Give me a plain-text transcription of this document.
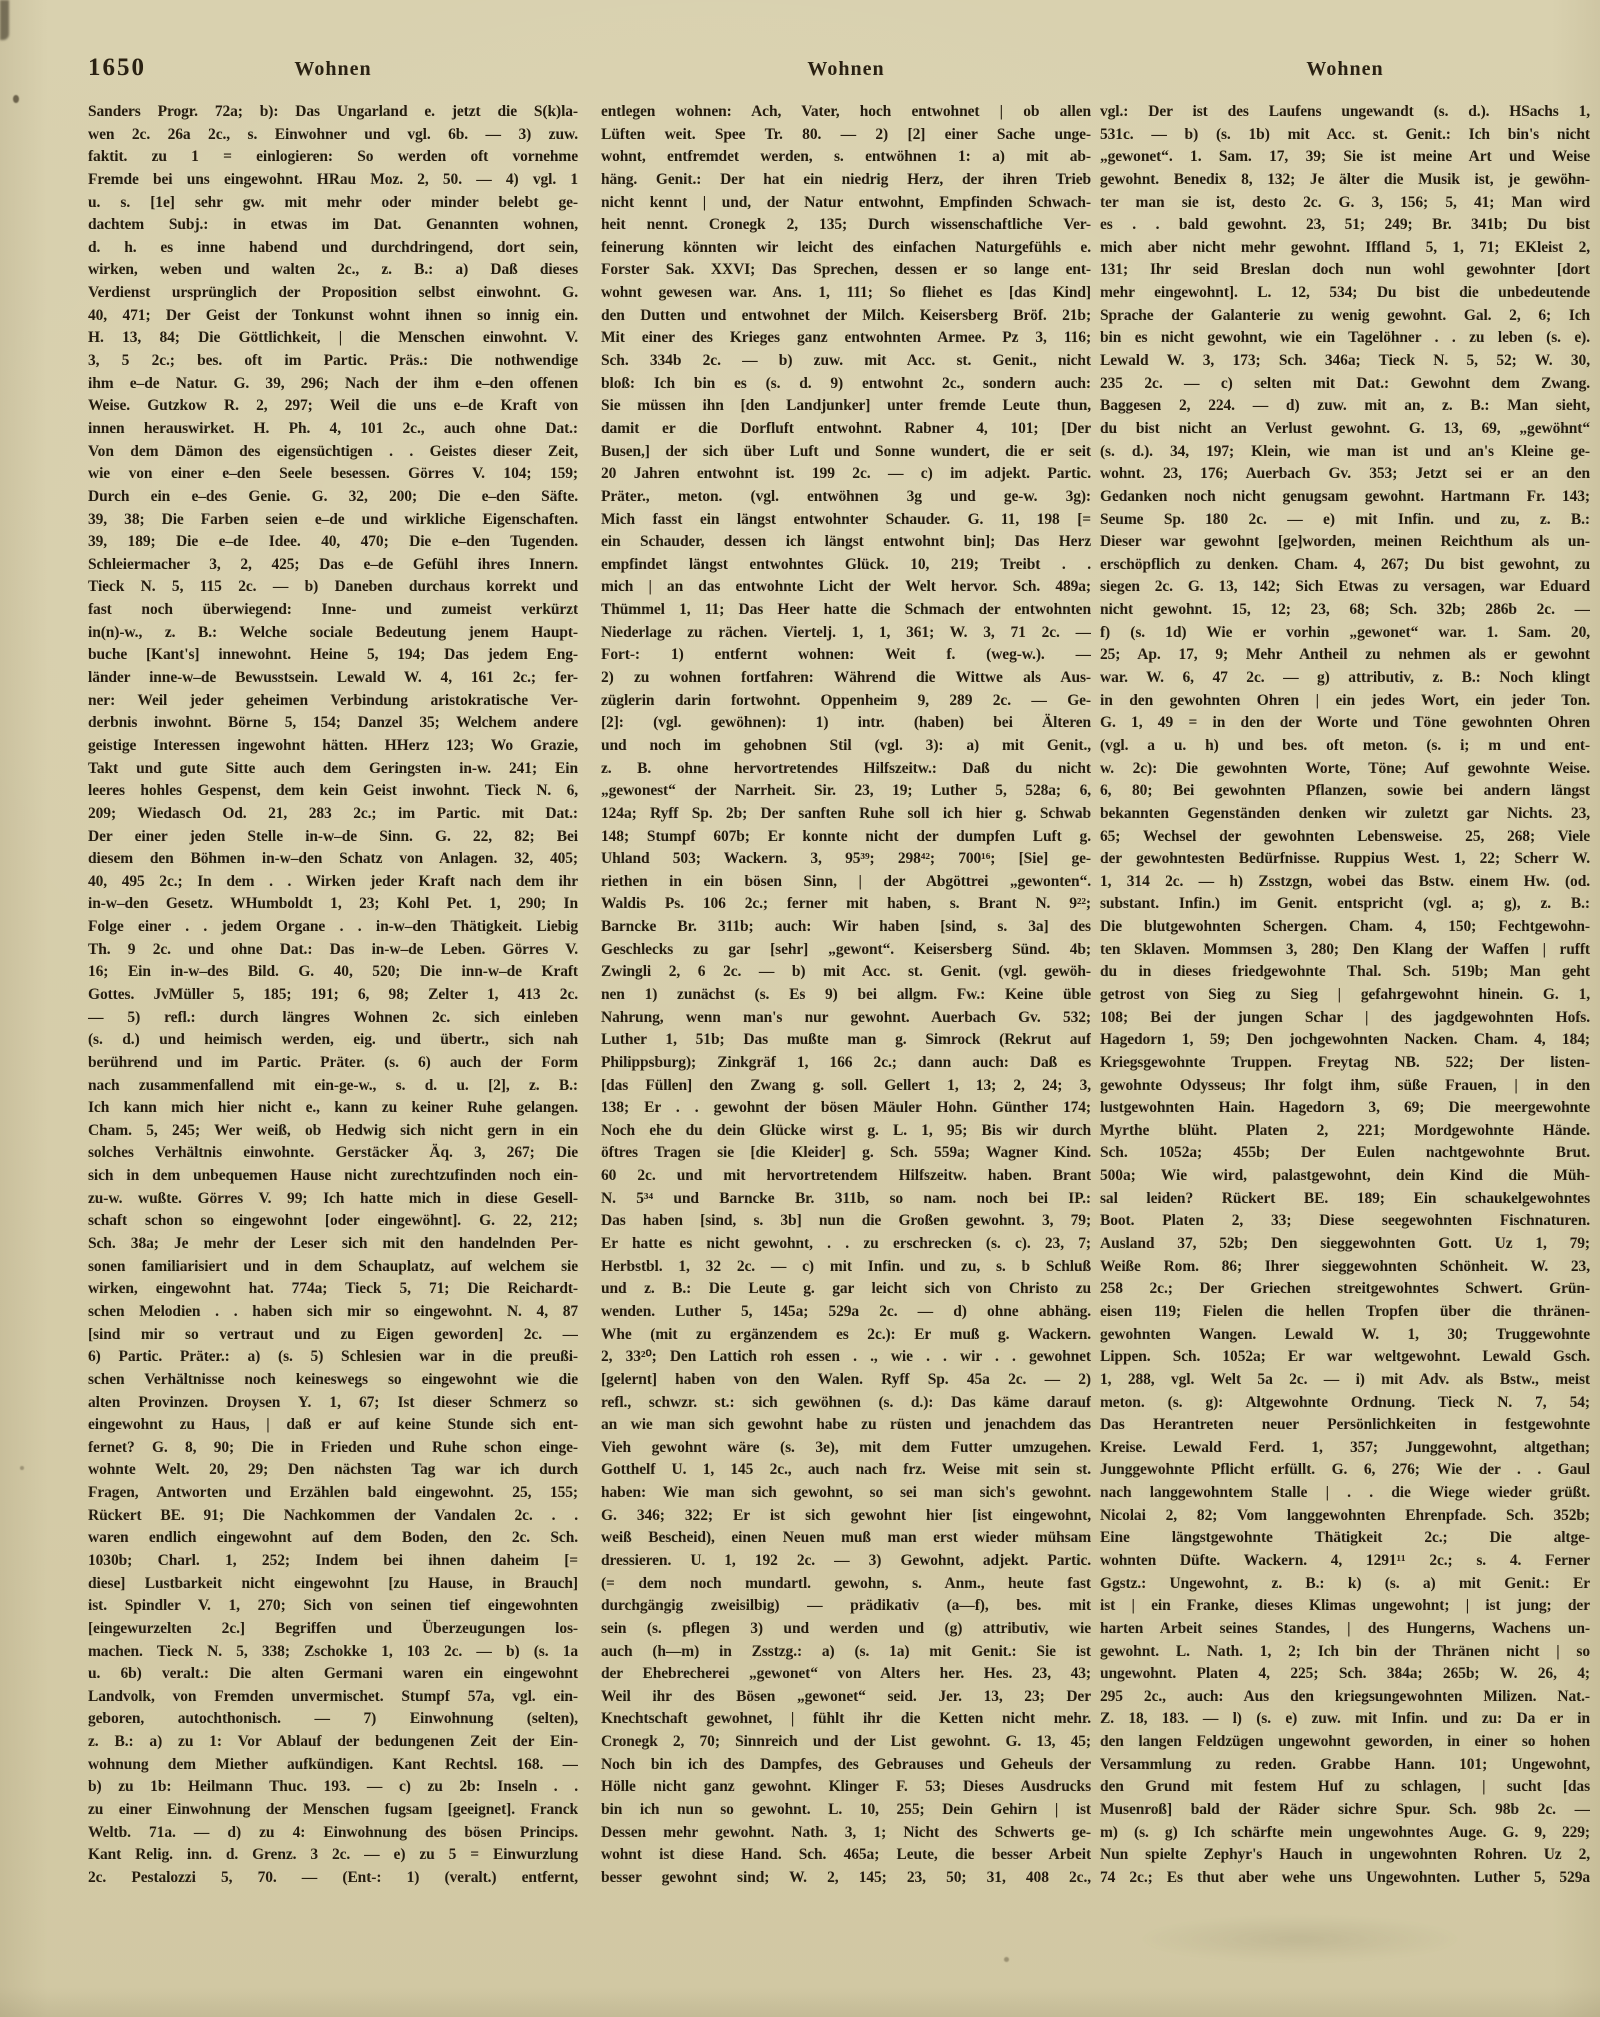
1650	Wohnen	Wohnen	Wohnen
Sanders Progr. 72a; b): Das Ungarland e. jetzt die S(k)la-
wen 2c. 26a 2c., s. Einwohner und vgl. 6b. — 3) zuw.
faktit. zu 1 = einlogieren: So werden oft vornehme
Fremde bei uns eingewohnt. HRau Moz. 2, 50. — 4) vgl. 1
u. s. [1e] sehr gw. mit mehr oder minder belebt ge-
dachtem Subj.: in etwas im Dat. Genannten wohnen,
d. h. es inne habend und durchdringend, dort sein,
wirken, weben und walten 2c., z. B.: a) Daß dieses
Verdienst ursprünglich der Proposition selbst einwohnt. G.
40, 471; Der Geist der Tonkunst wohnt ihnen so innig ein.
H. 13, 84; Die Göttlichkeit, | die Menschen einwohnt. V.
3, 5 2c.; bes. oft im Partic. Präs.: Die nothwendige
ihm e–de Natur. G. 39, 296; Nach der ihm e–den offenen
Weise. Gutzkow R. 2, 297; Weil die uns e–de Kraft von
innen herauswirket. H. Ph. 4, 101 2c., auch ohne Dat.:
Von dem Dämon des eigensüchtigen . . Geistes dieser Zeit,
wie von einer e–den Seele besessen. Görres V. 104; 159;
Durch ein e–des Genie. G. 32, 200; Die e–den Säfte.
39, 38; Die Farben seien e–de und wirkliche Eigenschaften.
39, 189; Die e–de Idee. 40, 470; Die e–den Tugenden.
Schleiermacher 3, 2, 425; Das e–de Gefühl ihres Innern.
Tieck N. 5, 115 2c. — b) Daneben durchaus korrekt und
fast noch überwiegend: Inne- und zumeist verkürzt
in(n)-w., z. B.: Welche sociale Bedeutung jenem Haupt-
buche [Kant's] innewohnt. Heine 5, 194; Das jedem Eng-
länder inne-w–de Bewusstsein. Lewald W. 4, 161 2c.; fer-
ner: Weil jeder geheimen Verbindung aristokratische Ver-
derbnis inwohnt. Börne 5, 154; Danzel 35; Welchem andere
geistige Interessen ingewohnt hätten. HHerz 123; Wo Grazie,
Takt und gute Sitte auch dem Geringsten in-w. 241; Ein
leeres hohles Gespenst, dem kein Geist inwohnt. Tieck N. 6,
209; Wiedasch Od. 21, 283 2c.; im Partic. mit Dat.:
Der einer jeden Stelle in-w–de Sinn. G. 22, 82; Bei
diesem den Böhmen in-w–den Schatz von Anlagen. 32, 405;
40, 495 2c.; In dem . . Wirken jeder Kraft nach dem ihr
in-w–den Gesetz. WHumboldt 1, 23; Kohl Pet. 1, 290; In
Folge einer . . jedem Organe . . in-w–den Thätigkeit. Liebig
Th. 9 2c. und ohne Dat.: Das in-w–de Leben. Görres V.
16; Ein in-w–des Bild. G. 40, 520; Die inn-w–de Kraft
Gottes. JvMüller 5, 185; 191; 6, 98; Zelter 1, 413 2c.
— 5) refl.: durch längres Wohnen 2c. sich einleben
(s. d.) und heimisch werden, eig. und übertr., sich nah
berührend und im Partic. Präter. (s. 6) auch der Form
nach zusammenfallend mit ein-ge-w., s. d. u. [2], z. B.:
Ich kann mich hier nicht e., kann zu keiner Ruhe gelangen.
Cham. 5, 245; Wer weiß, ob Hedwig sich nicht gern in ein
solches Verhältnis einwohnte. Gerstäcker Äq. 3, 267; Die
sich in dem unbequemen Hause nicht zurechtzufinden noch ein-
zu-w. wußte. Görres V. 99; Ich hatte mich in diese Gesell-
schaft schon so eingewohnt [oder eingewöhnt]. G. 22, 212;
Sch. 38a; Je mehr der Leser sich mit den handelnden Per-
sonen familiarisiert und in dem Schauplatz, auf welchem sie
wirken, eingewohnt hat. 774a; Tieck 5, 71; Die Reichardt-
schen Melodien . . haben sich mir so eingewohnt. N. 4, 87
[sind mir so vertraut und zu Eigen geworden] 2c. —
6) Partic. Präter.: a) (s. 5) Schlesien war in die preußi-
schen Verhältnisse noch keineswegs so eingewohnt wie die
alten Provinzen. Droysen Y. 1, 67; Ist dieser Schmerz so
eingewohnt zu Haus, | daß er auf keine Stunde sich ent-
fernet? G. 8, 90; Die in Frieden und Ruhe schon einge-
wohnte Welt. 20, 29; Den nächsten Tag war ich durch
Fragen, Antworten und Erzählen bald eingewohnt. 25, 155;
Rückert BE. 91; Die Nachkommen der Vandalen 2c. . .
waren endlich eingewohnt auf dem Boden, den 2c. Sch.
1030b; Charl. 1, 252; Indem bei ihnen daheim [=
diese] Lustbarkeit nicht eingewohnt [zu Hause, in Brauch]
ist. Spindler V. 1, 270; Sich von seinen tief eingewohnten
[eingewurzelten 2c.] Begriffen und Überzeugungen los-
machen. Tieck N. 5, 338; Zschokke 1, 103 2c. — b) (s. 1a
u. 6b) veralt.: Die alten Germani waren ein eingewohnt
Landvolk, von Fremden unvermischet. Stumpf 57a, vgl. ein-
geboren, autochthonisch. — 7) Einwohnung (selten),
z. B.: a) zu 1: Vor Ablauf der bedungenen Zeit der Ein-
wohnung dem Miether aufkündigen. Kant Rechtsl. 168. —
b) zu 1b: Heilmann Thuc. 193. — c) zu 2b: Inseln . .
zu einer Einwohnung der Menschen fugsam [geeignet]. Franck
Weltb. 71a. — d) zu 4: Einwohnung des bösen Princips.
Kant Relig. inn. d. Grenz. 3 2c. — e) zu 5 = Einwurzlung
2c. Pestalozzi 5, 70. — (Ent-: 1) (veralt.) entfernt,
entlegen wohnen: Ach, Vater, hoch entwohnet | ob allen
Lüften weit. Spee Tr. 80. — 2) [2] einer Sache unge-
wohnt, entfremdet werden, s. entwöhnen 1: a) mit ab-
häng. Genit.: Der hat ein niedrig Herz, der ihren Trieb
nicht kennt | und, der Natur entwohnt, Empfinden Schwach-
heit nennt. Cronegk 2, 135; Durch wissenschaftliche Ver-
feinerung könnten wir leicht des einfachen Naturgefühls e.
Forster Sak. XXVI; Das Sprechen, dessen er so lange ent-
wohnt gewesen war. Ans. 1, 111; So fliehet es [das Kind]
den Dutten und entwohnet der Milch. Keisersberg Bröf. 21b;
Mit einer des Krieges ganz entwohnten Armee. Pz 3, 116;
Sch. 334b 2c. — b) zuw. mit Acc. st. Genit., nicht
bloß: Ich bin es (s. d. 9) entwohnt 2c., sondern auch:
Sie müssen ihn [den Landjunker] unter fremde Leute thun,
damit er die Dorfluft entwohnt. Rabner 4, 101; [Der
Busen,] der sich über Luft und Sonne wundert, die er seit
20 Jahren entwohnt ist. 199 2c. — c) im adjekt. Partic.
Präter., meton. (vgl. entwöhnen 3g und ge-w. 3g):
Mich fasst ein längst entwohnter Schauder. G. 11, 198 [=
ein Schauder, dessen ich längst entwohnt bin]; Das Herz
empfindet längst entwohntes Glück. 10, 219; Treibt . .
mich | an das entwohnte Licht der Welt hervor. Sch. 489a;
Thümmel 1, 11; Das Heer hatte die Schmach der entwohnten
Niederlage zu rächen. Viertelj. 1, 1, 361; W. 3, 71 2c. —
Fort-: 1) entfernt wohnen: Weit f. (weg-w.). —
2) zu wohnen fortfahren: Während die Wittwe als Aus-
züglerin darin fortwohnt. Oppenheim 9, 289 2c. — Ge-
[2]: (vgl. gewöhnen): 1) intr. (haben) bei Älteren
und noch im gehobnen Stil (vgl. 3): a) mit Genit.,
z. B. ohne hervortretendes Hilfszeitw.: Daß du nicht
„gewonest“ der Narrheit. Sir. 23, 19; Luther 5, 528a; 6,
124a; Ryff Sp. 2b; Der sanften Ruhe soll ich hier g. Schwab
148; Stumpf 607b; Er konnte nicht der dumpfen Luft g.
Uhland 503; Wackern. 3, 95³⁹; 298⁴²; 700¹⁶; [Sie] ge-
riethen in ein bösen Sinn, | der Abgöttrei „gewonten“.
Waldis Ps. 106 2c.; ferner mit haben, s. Brant N. 9²²;
Barncke Br. 311b; auch: Wir haben [sind, s. 3a] des
Geschlecks zu gar [sehr] „gewont“. Keisersberg Sünd. 4b;
Zwingli 2, 6 2c. — b) mit Acc. st. Genit. (vgl. gewöh-
nen 1) zunächst (s. Es 9) bei allgm. Fw.: Keine üble
Nahrung, wenn man's nur gewohnt. Auerbach Gv. 532;
Luther 1, 51b; Das mußte man g. Simrock (Rekrut auf
Philippsburg); Zinkgräf 1, 166 2c.; dann auch: Daß es
[das Füllen] den Zwang g. soll. Gellert 1, 13; 2, 24; 3,
138; Er . . gewohnt der bösen Mäuler Hohn. Günther 174;
Noch ehe du dein Glücke wirst g. L. 1, 95; Bis wir durch
öftres Tragen sie [die Kleider] g. Sch. 559a; Wagner Kind.
60 2c. und mit hervortretendem Hilfszeitw. haben. Brant
N. 5³⁴ und Barncke Br. 311b, so nam. noch bei IP.:
Das haben [sind, s. 3b] nun die Großen gewohnt. 3, 79;
Er hatte es nicht gewohnt, . . zu erschrecken (s. c). 23, 7;
Herbstbl. 1, 32 2c. — c) mit Infin. und zu, s. b Schluß
und z. B.: Die Leute g. gar leicht sich von Christo zu
wenden. Luther 5, 145a; 529a 2c. — d) ohne abhäng.
Whe (mit zu ergänzendem es 2c.): Er muß g. Wackern.
2, 33²⁰; Den Lattich roh essen . ., wie . . wir . . gewohnet
[gelernt] haben von den Walen. Ryff Sp. 45a 2c. — 2)
refl., schwzr. st.: sich gewöhnen (s. d.): Das käme darauf
an wie man sich gewohnt habe zu rüsten und jenachdem das
Vieh gewohnt wäre (s. 3e), mit dem Futter umzugehen.
Gotthelf U. 1, 145 2c., auch nach frz. Weise mit sein st.
haben: Wie man sich gewohnt, so sei man sich's gewohnt.
G. 346; 322; Er ist sich gewohnt hier [ist eingewohnt,
weiß Bescheid), einen Neuen muß man erst wieder mühsam
dressieren. U. 1, 192 2c. — 3) Gewohnt, adjekt. Partic.
(= dem noch mundartl. gewohn, s. Anm., heute fast
durchgängig zweisilbig) — prädikativ (a—f), bes. mit
sein (s. pflegen 3) und werden und (g) attributiv, wie
auch (h—m) in Zsstzg.: a) (s. 1a) mit Genit.: Sie ist
der Ehebrecherei „gewonet“ von Alters her. Hes. 23, 43;
Weil ihr des Bösen „gewonet“ seid. Jer. 13, 23; Der
Knechtschaft gewohnet, | fühlt ihr die Ketten nicht mehr.
Cronegk 2, 70; Sinnreich und der List gewohnt. G. 13, 45;
Noch bin ich des Dampfes, des Gebrauses und Geheuls der
Hölle nicht ganz gewohnt. Klinger F. 53; Dieses Ausdrucks
bin ich nun so gewohnt. L. 10, 255; Dein Gehirn | ist
Dessen mehr gewohnt. Nath. 3, 1; Nicht des Schwerts ge-
wohnt ist diese Hand. Sch. 465a; Leute, die besser Arbeit
besser gewohnt sind; W. 2, 145; 23, 50; 31, 408 2c.,
vgl.: Der ist des Laufens ungewandt (s. d.). HSachs 1,
531c. — b) (s. 1b) mit Acc. st. Genit.: Ich bin's nicht
„gewonet“. 1. Sam. 17, 39; Sie ist meine Art und Weise
gewohnt. Benedix 8, 132; Je älter die Musik ist, je gewöhn-
ter man sie ist, desto 2c. G. 3, 156; 5, 41; Man wird
es . . bald gewohnt. 23, 51; 249; Br. 341b; Du bist
mich aber nicht mehr gewohnt. Iffland 5, 1, 71; EKleist 2,
131; Ihr seid Breslan doch nun wohl gewohnter [dort
mehr eingewohnt]. L. 12, 534; Du bist die unbedeutende
Sprache der Galanterie zu wenig gewohnt. Gal. 2, 6; Ich
bin es nicht gewohnt, wie ein Tagelöhner . . zu leben (s. e).
Lewald W. 3, 173; Sch. 346a; Tieck N. 5, 52; W. 30,
235 2c. — c) selten mit Dat.: Gewohnt dem Zwang.
Baggesen 2, 224. — d) zuw. mit an, z. B.: Man sieht,
du bist nicht an Verlust gewohnt. G. 13, 69, „gewöhnt“
(s. d.). 34, 197; Klein, wie man ist und an's Kleine ge-
wohnt. 23, 176; Auerbach Gv. 353; Jetzt sei er an den
Gedanken noch nicht genugsam gewohnt. Hartmann Fr. 143;
Seume Sp. 180 2c. — e) mit Infin. und zu, z. B.:
Dieser war gewohnt [ge]worden, meinen Reichthum als un-
erschöpflich zu denken. Cham. 4, 267; Du bist gewohnt, zu
siegen 2c. G. 13, 142; Sich Etwas zu versagen, war Eduard
nicht gewohnt. 15, 12; 23, 68; Sch. 32b; 286b 2c. —
f) (s. 1d) Wie er vorhin „gewonet“ war. 1. Sam. 20,
25; Ap. 17, 9; Mehr Antheil zu nehmen als er gewohnt
war. W. 6, 47 2c. — g) attributiv, z. B.: Noch klingt
in den gewohnten Ohren | ein jedes Wort, ein jeder Ton.
G. 1, 49 = in den der Worte und Töne gewohnten Ohren
(vgl. a u. h) und bes. oft meton. (s. i; m und ent-
w. 2c): Die gewohnten Worte, Töne; Auf gewohnte Weise.
6, 80; Bei gewohnten Pflanzen, sowie bei andern längst
bekannten Gegenständen denken wir zuletzt gar Nichts. 23,
65; Wechsel der gewohnten Lebensweise. 25, 268; Viele
der gewohntesten Bedürfnisse. Ruppius West. 1, 22; Scherr W.
1, 314 2c. — h) Zsstzgn, wobei das Bstw. einem Hw. (od.
substant. Infin.) im Genit. entspricht (vgl. a; g), z. B.:
Die blutgewohnten Schergen. Cham. 4, 150; Fechtgewohn-
ten Sklaven. Mommsen 3, 280; Den Klang der Waffen | rufft
du in dieses friedgewohnte Thal. Sch. 519b; Man geht
getrost von Sieg zu Sieg | gefahrgewohnt hinein. G. 1,
108; Bei der jungen Schar | des jagdgewohnten Hofs.
Hagedorn 1, 59; Den jochgewohnten Nacken. Cham. 4, 184;
Kriegsgewohnte Truppen. Freytag NB. 522; Der listen-
gewohnte Odysseus; Ihr folgt ihm, süße Frauen, | in den
lustgewohnten Hain. Hagedorn 3, 69; Die meergewohnte
Myrthe blüht. Platen 2, 221; Mordgewohnte Hände.
Sch. 1052a; 455b; Der Eulen nachtgewohnte Brut.
500a; Wie wird, palastgewohnt, dein Kind die Müh-
sal leiden? Rückert BE. 189; Ein schaukelgewohntes
Boot. Platen 2, 33; Diese seegewohnten Fischnaturen.
Ausland 37, 52b; Den sieggewohnten Gott. Uz 1, 79;
Weiße Rom. 86; Ihrer sieggewohnten Schönheit. W. 23,
258 2c.; Der Griechen streitgewohntes Schwert. Grün-
eisen 119; Fielen die hellen Tropfen über die thränen-
gewohnten Wangen. Lewald W. 1, 30; Truggewohnte
Lippen. Sch. 1052a; Er war weltgewohnt. Lewald Gsch.
1, 288, vgl. Welt 5a 2c. — i) mit Adv. als Bstw., meist
meton. (s. g): Altgewohnte Ordnung. Tieck N. 7, 54;
Das Herantreten neuer Persönlichkeiten in festgewohnte
Kreise. Lewald Ferd. 1, 357; Junggewohnt, altgethan;
Junggewohnte Pflicht erfüllt. G. 6, 276; Wie der . . Gaul
nach langgewohntem Stalle | . . die Wiege wieder grüßt.
Nicolai 2, 82; Vom langgewohnten Ehrenpfade. Sch. 352b;
Eine längstgewohnte Thätigkeit 2c.; Die altge-
wohnten Düfte. Wackern. 4, 1291¹¹ 2c.; s. 4. Ferner
Ggstz.: Ungewohnt, z. B.: k) (s. a) mit Genit.: Er
ist | ein Franke, dieses Klimas ungewohnt; | ist jung; der
harten Arbeit seines Standes, | des Hungerns, Wachens un-
gewohnt. L. Nath. 1, 2; Ich bin der Thränen nicht | so
ungewohnt. Platen 4, 225; Sch. 384a; 265b; W. 26, 4;
295 2c., auch: Aus den kriegsungewohnten Milizen. Nat.-
Z. 18, 183. — l) (s. e) zuw. mit Infin. und zu: Da er in
den langen Feldzügen ungewohnt geworden, in einer so hohen
Versammlung zu reden. Grabbe Hann. 101; Ungewohnt,
den Grund mit festem Huf zu schlagen, | sucht [das
Musenroß] bald der Räder sichre Spur. Sch. 98b 2c. —
m) (s. g) Ich schärfte mein ungewohntes Auge. G. 9, 229;
Nun spielte Zephyr's Hauch in ungewohnten Rohren. Uz 2,
74 2c.; Es thut aber wehe uns Ungewohnten. Luther 5, 529a
